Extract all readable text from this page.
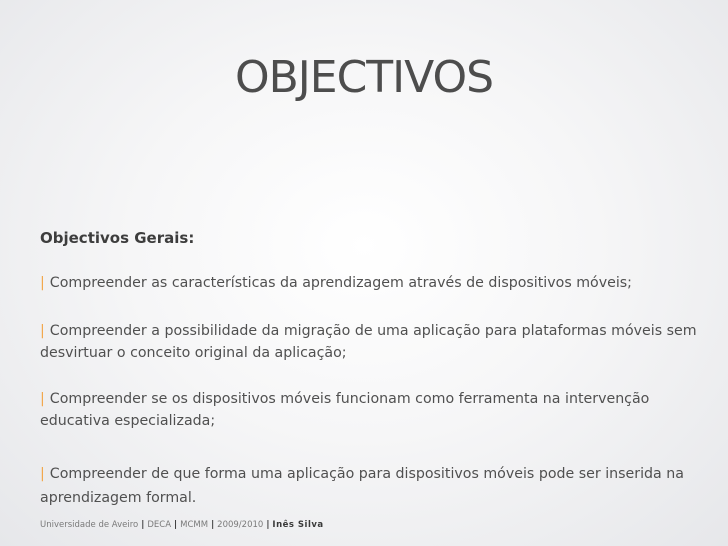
OBJECTIVOS
Objectivos Gerais:
| Compreender as características da aprendizagem através de dispositivos móveis;
| Compreender a possibilidade da migração de uma aplicação para plataformas móveis sem desvirtuar o conceito original da aplicação;
| Compreender se os dispositivos móveis funcionam como ferramenta na intervenção educativa especializada;
| Compreender de que forma uma aplicação para dispositivos móveis pode ser inserida na aprendizagem formal.
Universidade de Aveiro | DECA | MCMM | 2009/2010 | Inês Silva
